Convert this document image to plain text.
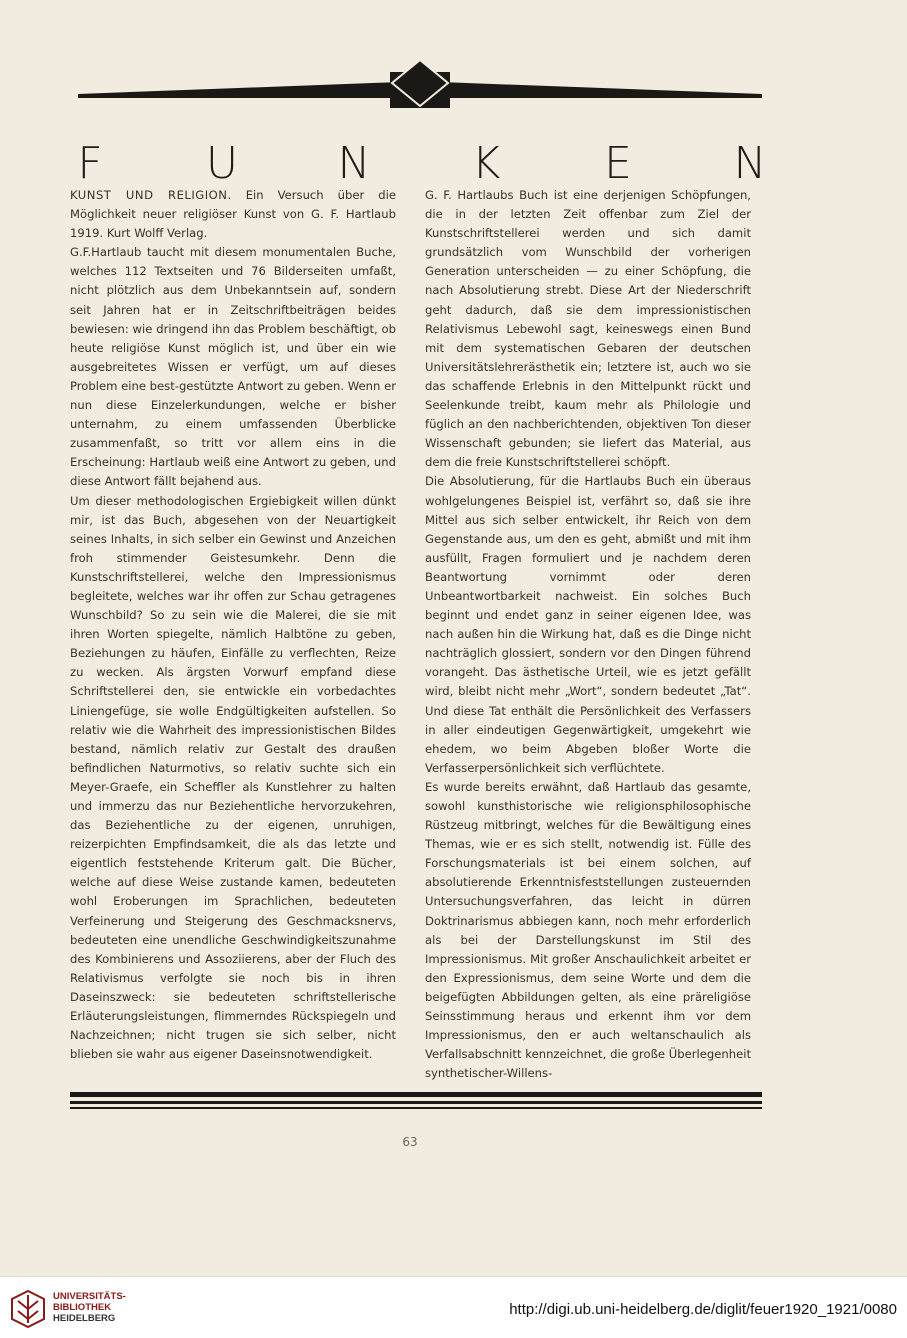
F	U	N	K	E	N

KUNST UND RELIGION. Ein Versuch über die Möglichkeit neuer religiöser Kunst von G. F. Hartlaub 1919. Kurt Wolff Verlag.

G.F.Hartlaub taucht mit diesem monumentalen Buche, welches 112 Textseiten und 76 Bilderseiten umfaßt, nicht plötzlich aus dem Unbekanntsein auf, sondern seit Jahren hat er in Zeitschriftbeiträgen beides bewiesen: wie dringend ihn das Problem beschäftigt, ob heute religiöse Kunst möglich ist, und über ein wie ausgebreitetes Wissen er verfügt, um auf dieses Problem eine best-gestützte Antwort zu geben. Wenn er nun diese Einzelerkundungen, welche er bisher unternahm, zu einem umfassenden Überblicke zusammenfaßt, so tritt vor allem eins in die Erscheinung: Hartlaub weiß eine Antwort zu geben, und diese Antwort fällt bejahend aus.

Um dieser methodologischen Ergiebigkeit willen dünkt mir, ist das Buch, abgesehen von der Neuartigkeit seines Inhalts, in sich selber ein Gewinst und Anzeichen froh stimmender Geistesumkehr. Denn die Kunstschriftstellerei, welche den Impressionismus begleitete, welches war ihr offen zur Schau getragenes Wunschbild? So zu sein wie die Malerei, die sie mit ihren Worten spiegelte, nämlich Halbtöne zu geben, Beziehungen zu häufen, Einfälle zu verflechten, Reize zu wecken. Als ärgsten Vorwurf empfand diese Schriftstellerei den, sie entwickle ein vorbedachtes Liniengefüge, sie wolle Endgültigkeiten aufstellen. So relativ wie die Wahrheit des impressionistischen Bildes bestand, nämlich relativ zur Gestalt des draußen befindlichen Naturmotivs, so relativ suchte sich ein Meyer-Graefe, ein Scheffler als Kunstlehrer zu halten und immerzu das nur Beziehentliche hervorzukehren, das Beziehentliche zu der eigenen, unruhigen, reizerpichten Empfindsamkeit, die als das letzte und eigentlich feststehende Kriterum galt. Die Bücher, welche auf diese Weise zustande kamen, bedeuteten wohl Eroberungen im Sprachlichen, bedeuteten Verfeinerung und Steigerung des Geschmacksnervs, bedeuteten eine unendliche Geschwindigkeitszunahme des Kombinierens und Assoziierens, aber der Fluch des Relativismus verfolgte sie noch bis in ihren Daseinszweck: sie bedeuteten schriftstellerische Erläuterungsleistungen, flimmerndes Rückspiegeln und Nachzeichnen; nicht trugen sie sich selber, nicht blieben sie wahr aus eigener Daseinsnotwendigkeit.

G. F. Hartlaubs Buch ist eine derjenigen Schöpfungen, die in der letzten Zeit offenbar zum Ziel der Kunstschriftstellerei werden und sich damit grundsätzlich vom Wunschbild der vorherigen Generation unterscheiden — zu einer Schöpfung, die nach Absolutierung strebt. Diese Art der Niederschrift geht dadurch, daß sie dem impressionistischen Relativismus Lebewohl sagt, keineswegs einen Bund mit dem systematischen Gebaren der deutschen Universitätslehrerästhetik ein; letztere ist, auch wo sie das schaffende Erlebnis in den Mittelpunkt rückt und Seelenkunde treibt, kaum mehr als Philologie und füglich an den nachberichtenden, objektiven Ton dieser Wissenschaft gebunden; sie liefert das Material, aus dem die freie Kunstschriftstellerei schöpft.

Die Absolutierung, für die Hartlaubs Buch ein überaus wohlgelungenes Beispiel ist, verfährt so, daß sie ihre Mittel aus sich selber entwickelt, ihr Reich von dem Gegenstande aus, um den es geht, abmißt und mit ihm ausfüllt, Fragen formuliert und je nachdem deren Beantwortung vornimmt oder deren Unbeantwortbarkeit nachweist. Ein solches Buch beginnt und endet ganz in seiner eigenen Idee, was nach außen hin die Wirkung hat, daß es die Dinge nicht nachträglich glossiert, sondern vor den Dingen führend vorangeht. Das ästhetische Urteil, wie es jetzt gefällt wird, bleibt nicht mehr „Wort“, sondern bedeutet „Tat“. Und diese Tat enthält die Persönlichkeit des Verfassers in aller eindeutigen Gegenwärtigkeit, umgekehrt wie ehedem, wo beim Abgeben bloßer Worte die Verfasserpersönlichkeit sich verflüchtete.

Es wurde bereits erwähnt, daß Hartlaub das gesamte, sowohl kunsthistorische wie religionsphilosophische Rüstzeug mitbringt, welches für die Bewältigung eines Themas, wie er es sich stellt, notwendig ist. Fülle des Forschungsmaterials ist bei einem solchen, auf absolutierende Erkenntnisfeststellungen zusteuernden Untersuchungsverfahren, das leicht in dürren Doktrinarismus abbiegen kann, noch mehr erforderlich als bei der Darstellungskunst im Stil des Impressionismus. Mit großer Anschaulichkeit arbeitet er den Expressionismus, dem seine Worte und dem die beigefügten Abbildungen gelten, als eine präreligiöse Seinsstimmung heraus und erkennt ihm vor dem Impressionismus, den er auch weltanschaulich als Verfallsabschnitt kennzeichnet, die große Überlegenheit synthetischer-Willens-

63
UNIVERSITÄTS-
BIBLIOTHEK
HEIDELBERG
http://digi.ub.uni-heidelberg.de/diglit/feuer1920_1921/0080
